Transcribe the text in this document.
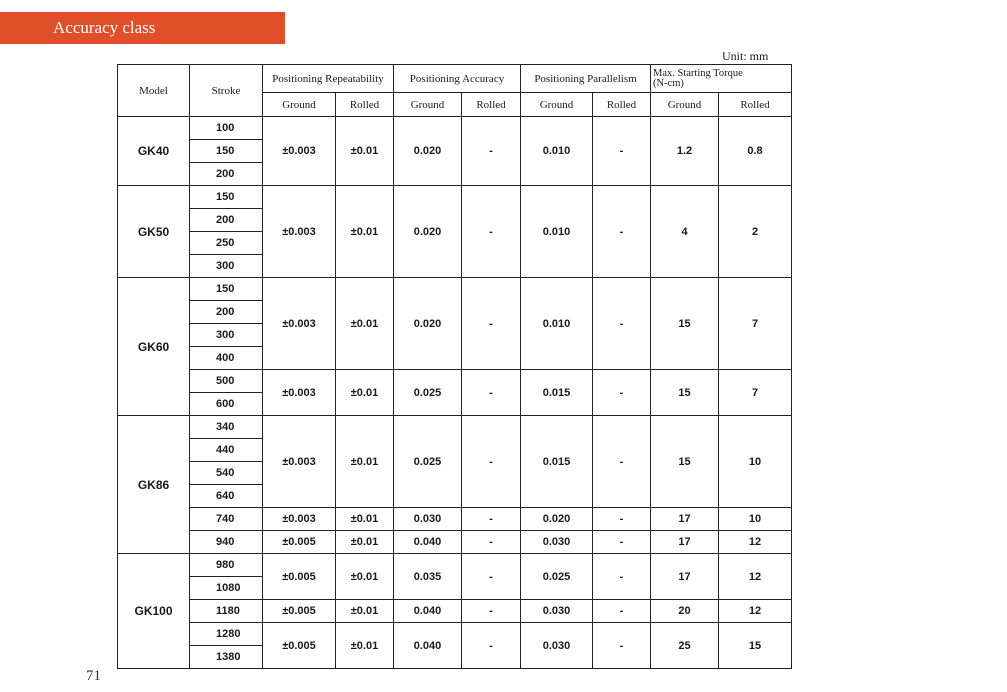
Accuracy class
Unit: mm
71
Model	Stroke	Positioning Repeatability		Positioning Accuracy		Positioning Parallelism		Max. Starting Torque
(N-cm)	
		Ground	Rolled	Ground	Rolled	Ground	Rolled	Ground	Rolled
GK40	100	±0.003	±0.01	0.020	-	0.010	-	1.2	0.8
	150								
	200								
GK50	150	±0.003	±0.01	0.020	-	0.010	-	4	2
	200								
	250								
	300								
GK60	150	±0.003	±0.01	0.020	-	0.010	-	15	7
	200								
	300								
	400								
	500	±0.003	±0.01	0.025	-	0.015	-	15	7
	600								
GK86	340	±0.003	±0.01	0.025	-	0.015	-	15	10
	440								
	540								
	640								
	740	±0.003	±0.01	0.030	-	0.020	-	17	10
	940	±0.005	±0.01	0.040	-	0.030	-	17	12
GK100	980	±0.005	±0.01	0.035	-	0.025	-	17	12
	1080								
	1180	±0.005	±0.01	0.040	-	0.030	-	20	12
	1280	±0.005	±0.01	0.040	-	0.030	-	25	15
	1380								
